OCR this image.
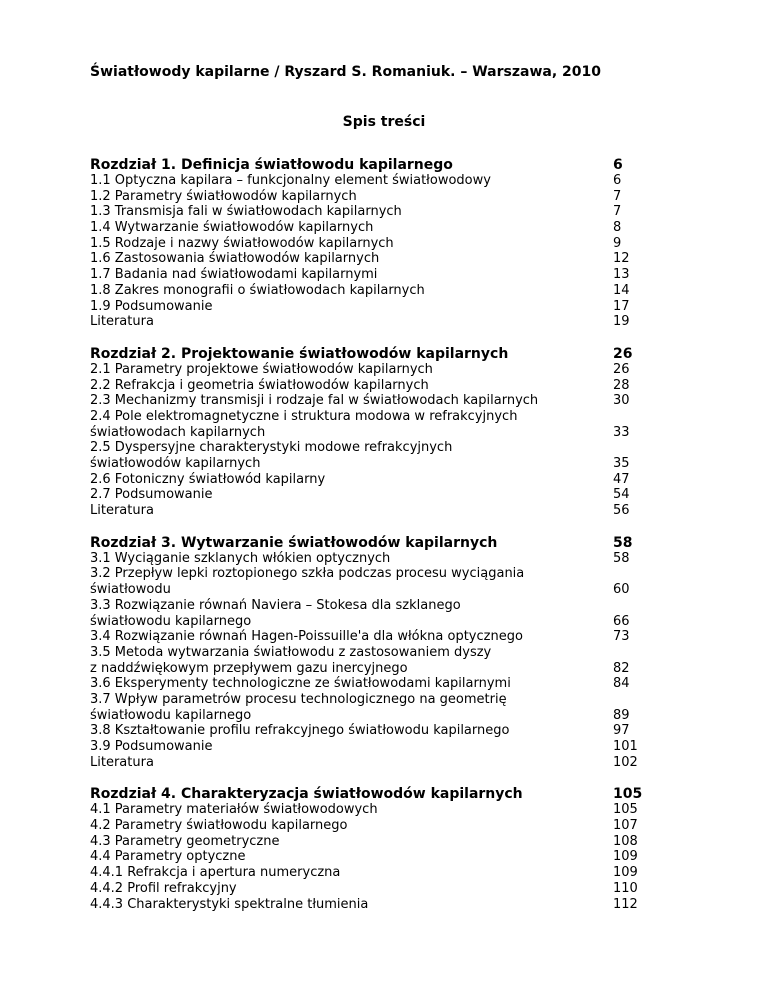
Światłowody kapilarne / Ryszard S. Romaniuk. – Warszawa, 2010
Spis treści
Rozdział 1. Definicja światłowodu kapilarnego	6
1.1 Optyczna kapilara – funkcjonalny element światłowodowy	6
1.2 Parametry światłowodów kapilarnych	7
1.3 Transmisja fali w światłowodach kapilarnych	7
1.4 Wytwarzanie światłowodów kapilarnych	8
1.5 Rodzaje i nazwy światłowodów kapilarnych	9
1.6 Zastosowania światłowodów kapilarnych	12
1.7 Badania nad światłowodami kapilarnymi	13
1.8 Zakres monografii o światłowodach kapilarnych	14
1.9 Podsumowanie	17
Literatura	19
Rozdział 2. Projektowanie światłowodów kapilarnych	26
2.1 Parametry projektowe światłowodów kapilarnych	26
2.2 Refrakcja i geometria światłowodów kapilarnych	28
2.3 Mechanizmy transmisji i rodzaje fal w światłowodach kapilarnych	30
2.4 Pole elektromagnetyczne i struktura modowa w refrakcyjnych
światłowodach kapilarnych	33
2.5 Dyspersyjne charakterystyki modowe refrakcyjnych
światłowodów kapilarnych	35
2.6 Fotoniczny światłowód kapilarny	47
2.7 Podsumowanie	54
Literatura	56
Rozdział 3. Wytwarzanie światłowodów kapilarnych	58
3.1 Wyciąganie szklanych włókien optycznych	58
3.2 Przepływ lepki roztopionego szkła podczas procesu wyciągania
światłowodu	60
3.3 Rozwiązanie równań Naviera – Stokesa dla szklanego
światłowodu kapilarnego	66
3.4 Rozwiązanie równań Hagen-Poissuille'a dla włókna optycznego	73
3.5 Metoda wytwarzania światłowodu z zastosowaniem dyszy
z naddźwiękowym przepływem gazu inercyjnego	82
3.6 Eksperymenty technologiczne ze światłowodami kapilarnymi	84
3.7 Wpływ parametrów procesu technologicznego na geometrię
światłowodu kapilarnego	89
3.8 Kształtowanie profilu refrakcyjnego światłowodu kapilarnego	97
3.9 Podsumowanie	101
Literatura	102
Rozdział 4. Charakteryzacja światłowodów kapilarnych	105
4.1 Parametry materiałów światłowodowych	105
4.2 Parametry światłowodu kapilarnego	107
4.3 Parametry geometryczne	108
4.4 Parametry optyczne	109
4.4.1 Refrakcja i apertura numeryczna	109
4.4.2 Profil refrakcyjny	110
4.4.3 Charakterystyki spektralne tłumienia	112
